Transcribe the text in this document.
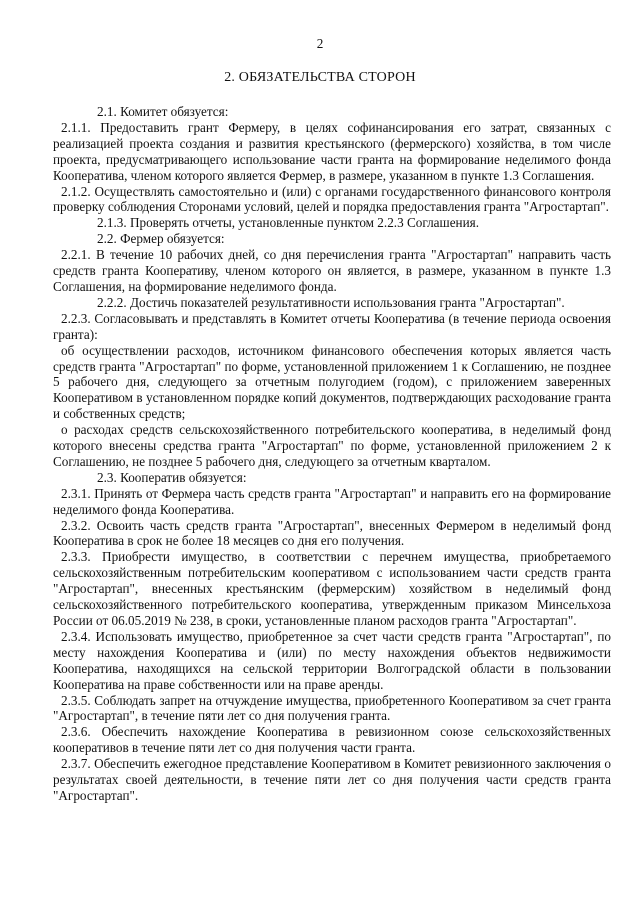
2
2. ОБЯЗАТЕЛЬСТВА СТОРОН

2.1. Комитет обязуется:

2.1.1. Предоставить грант Фермеру, в целях софинансирования его затрат, связанных с реализацией проекта создания и развития крестьянского (фермерского) хозяйства, в том числе проекта, предусматривающего использование части гранта на формирование неделимого фонда Кооператива, членом которого является Фермер, в размере, указанном в пункте 1.3 Соглашения.

2.1.2. Осуществлять самостоятельно и (или) с органами государственного финансового контроля проверку соблюдения Сторонами условий, целей и порядка предоставления гранта "Агростартап".

2.1.3. Проверять отчеты, установленные пунктом 2.2.3 Соглашения.

2.2. Фермер обязуется:

2.2.1. В течение 10 рабочих дней, со дня перечисления гранта "Агростартап" направить часть средств гранта Кооперативу, членом которого он является, в размере, указанном в пункте 1.3 Соглашения, на формирование неделимого фонда.

2.2.2. Достичь показателей результативности использования гранта "Агростартап".

2.2.3. Согласовывать и представлять в Комитет отчеты Кооператива (в течение периода освоения гранта):

об осуществлении расходов, источником финансового обеспечения которых является часть средств гранта "Агростартап" по форме, установленной приложением 1 к Соглашению, не позднее 5 рабочего дня, следующего за отчетным полугодием (годом), с приложением заверенных Кооперативом в установленном порядке копий документов, подтверждающих расходование гранта и собственных средств;

о расходах средств сельскохозяйственного потребительского кооператива, в неделимый фонд которого внесены средства гранта "Агростартап" по форме, установленной приложением 2 к Соглашению, не позднее 5 рабочего дня, следующего за отчетным кварталом.

2.3. Кооператив обязуется:

2.3.1. Принять от Фермера часть средств гранта "Агростартап" и направить его на формирование неделимого фонда Кооператива.

2.3.2. Освоить часть средств гранта "Агростартап", внесенных Фермером в неделимый фонд Кооператива в срок не более 18 месяцев со дня его получения.

2.3.3. Приобрести имущество, в соответствии с перечнем имущества, приобретаемого сельскохозяйственным потребительским кооперативом с использованием части средств гранта "Агростартап", внесенных крестьянским (фермерским) хозяйством в неделимый фонд сельскохозяйственного потребительского кооператива, утвержденным приказом Минсельхоза России от 06.05.2019 № 238, в сроки, установленные планом расходов гранта "Агростартап".

2.3.4. Использовать имущество, приобретенное за счет части средств гранта "Агростартап", по месту нахождения Кооператива и (или) по месту нахождения объектов недвижимости Кооператива, находящихся на сельской территории Волгоградской области в пользовании Кооператива на праве собственности или на праве аренды.

2.3.5. Соблюдать запрет на отчуждение имущества, приобретенного Кооперативом за счет гранта "Агростартап", в течение пяти лет со дня получения гранта.

2.3.6. Обеспечить нахождение Кооператива в ревизионном союзе сельскохозяйственных кооперативов в течение пяти лет со дня получения части гранта.

2.3.7. Обеспечить ежегодное представление Кооперативом в Комитет ревизионного заключения о результатах своей деятельности, в течение пяти лет со дня получения части средств гранта "Агростартап".
